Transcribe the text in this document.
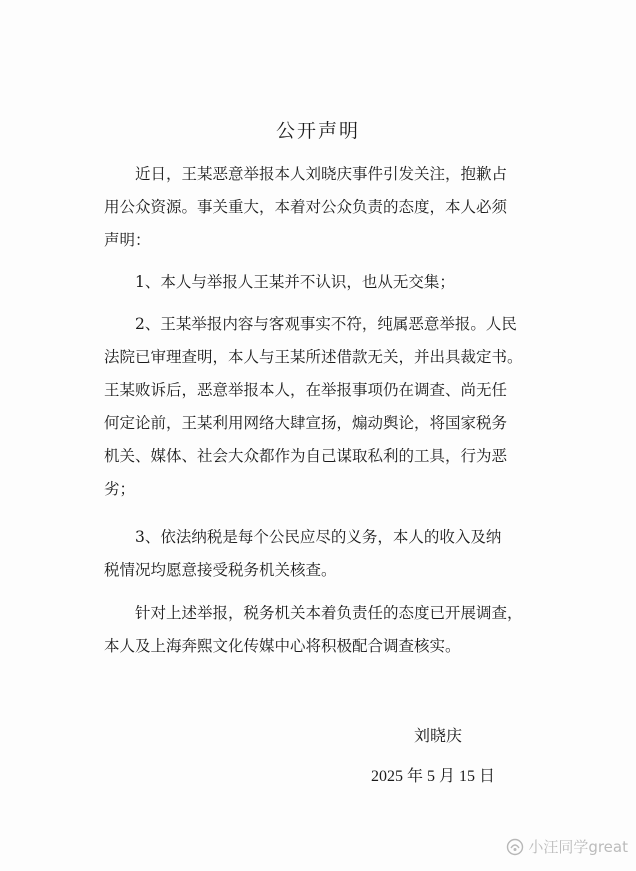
公开声明
　　近日，王某恶意举报本人刘晓庆事件引发关注，抱歉占
用公众资源。事关重大，本着对公众负责的态度，本人必须
声明：
　　1、本人与举报人王某并不认识，也从无交集；
　　2、王某举报内容与客观事实不符，纯属恶意举报。人民
法院已审理查明，本人与王某所述借款无关，并出具裁定书。
王某败诉后，恶意举报本人，在举报事项仍在调查、尚无任
何定论前，王某利用网络大肆宣扬，煽动舆论，将国家税务
机关、媒体、社会大众都作为自己谋取私利的工具，行为恶
劣；
　　3、依法纳税是每个公民应尽的义务，本人的收入及纳
税情况均愿意接受税务机关核查。
　　针对上述举报，税务机关本着负责任的态度已开展调查，
本人及上海奔熙文化传媒中心将积极配合调查核实。
刘晓庆
2025 年 5 月 15 日
小汪同学great
